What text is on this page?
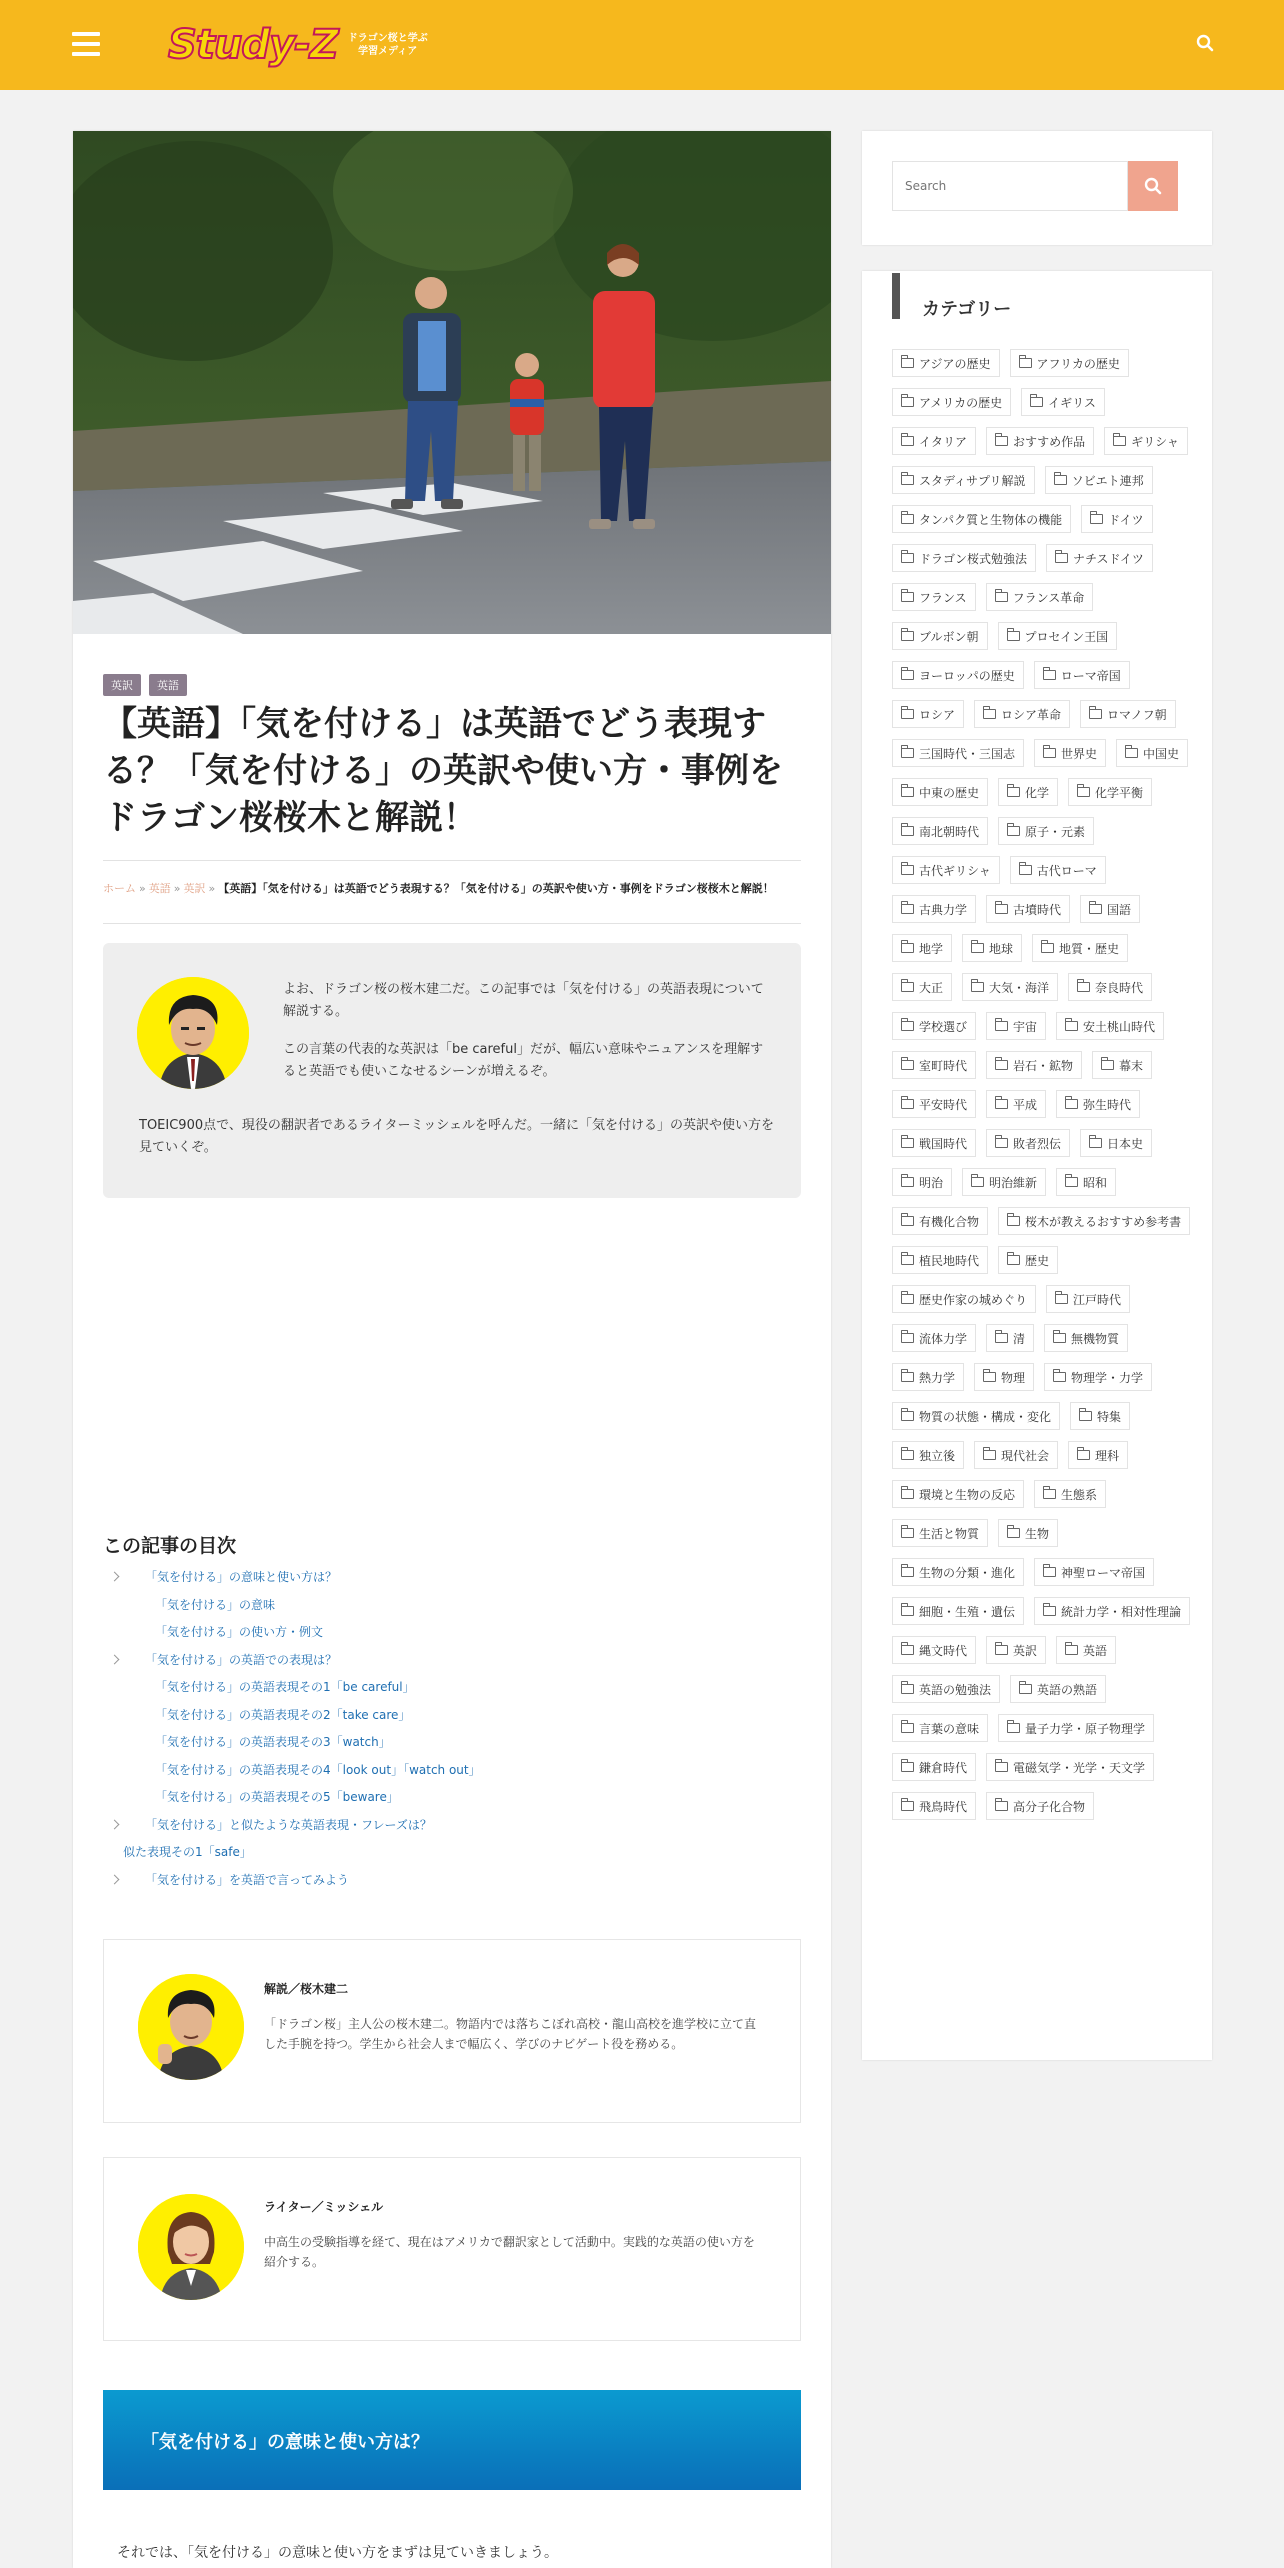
Study-Z ドラゴン桜と学ぶ
学習メディア
英訳	英語
【英語】「気を付ける」は英語でどう表現する？「気を付ける」の英訳や使い方・事例をドラゴン桜桜木と解説！
ホーム » 英語 » 英訳 » 【英語】「気を付ける」は英語でどう表現する？「気を付ける」の英訳や使い方・事例をドラゴン桜桜木と解説！

よお、ドラゴン桜の桜木建二だ。この記事では「気を付ける」の英語表現について解説する。

この言葉の代表的な英訳は「be careful」だが、幅広い意味やニュアンスを理解すると英語でも使いこなせるシーンが増えるぞ。

TOEIC900点で、現役の翻訳者であるライターミッシェルを呼んだ。一緒に「気を付ける」の英訳や使い方を見ていくぞ。
この記事の目次
「気を付ける」の意味と使い方は？
「気を付ける」の意味
「気を付ける」の使い方・例文
「気を付ける」の英語での表現は？
「気を付ける」の英語表現その1「be careful」
「気を付ける」の英語表現その2「take care」
「気を付ける」の英語表現その3「watch」
「気を付ける」の英語表現その4「look out」「watch out」
「気を付ける」の英語表現その5「beware」
「気を付ける」と似たような英語表現・フレーズは？
似た表現その1「safe」
「気を付ける」を英語で言ってみよう
解説／桜木建二
「ドラゴン桜」主人公の桜木建二。物語内では落ちこぼれ高校・龍山高校を進学校に立て直した手腕を持つ。学生から社会人まで幅広く、学びのナビゲート役を務める。
ライター／ミッシェル
中高生の受験指導を経て、現在はアメリカで翻訳家として活動中。実践的な英語の使い方を紹介する。
「気を付ける」の意味と使い方は？
それでは、「気を付ける」の意味と使い方をまずは見ていきましょう。
Search
カテゴリー
アジアの歴史	アフリカの歴史
アメリカの歴史	イギリス
イタリア	おすすめ作品	ギリシャ
スタディサプリ解説	ソビエト連邦
タンパク質と生物体の機能	ドイツ
ドラゴン桜式勉強法	ナチスドイツ
フランス	フランス革命
ブルボン朝	プロセイン王国
ヨーロッパの歴史	ローマ帝国
ロシア	ロシア革命	ロマノフ朝
三国時代・三国志	世界史	中国史
中東の歴史	化学	化学平衡
南北朝時代	原子・元素
古代ギリシャ	古代ローマ
古典力学	古墳時代	国語
地学	地球	地質・歴史
大正	大気・海洋	奈良時代
学校選び	宇宙	安土桃山時代
室町時代	岩石・鉱物	幕末
平安時代	平成	弥生時代
戦国時代	敗者烈伝	日本史
明治	明治維新	昭和
有機化合物	桜木が教えるおすすめ参考書
植民地時代	歴史
歴史作家の城めぐり	江戸時代
流体力学	清	無機物質
熱力学	物理	物理学・力学
物質の状態・構成・変化	特集
独立後	現代社会	理科
環境と生物の反応	生態系
生活と物質	生物
生物の分類・進化	神聖ローマ帝国
細胞・生殖・遺伝	統計力学・相対性理論
縄文時代	英訳	英語
英語の勉強法	英語の熟語
言葉の意味	量子力学・原子物理学
鎌倉時代	電磁気学・光学・天文学
飛鳥時代	高分子化合物
